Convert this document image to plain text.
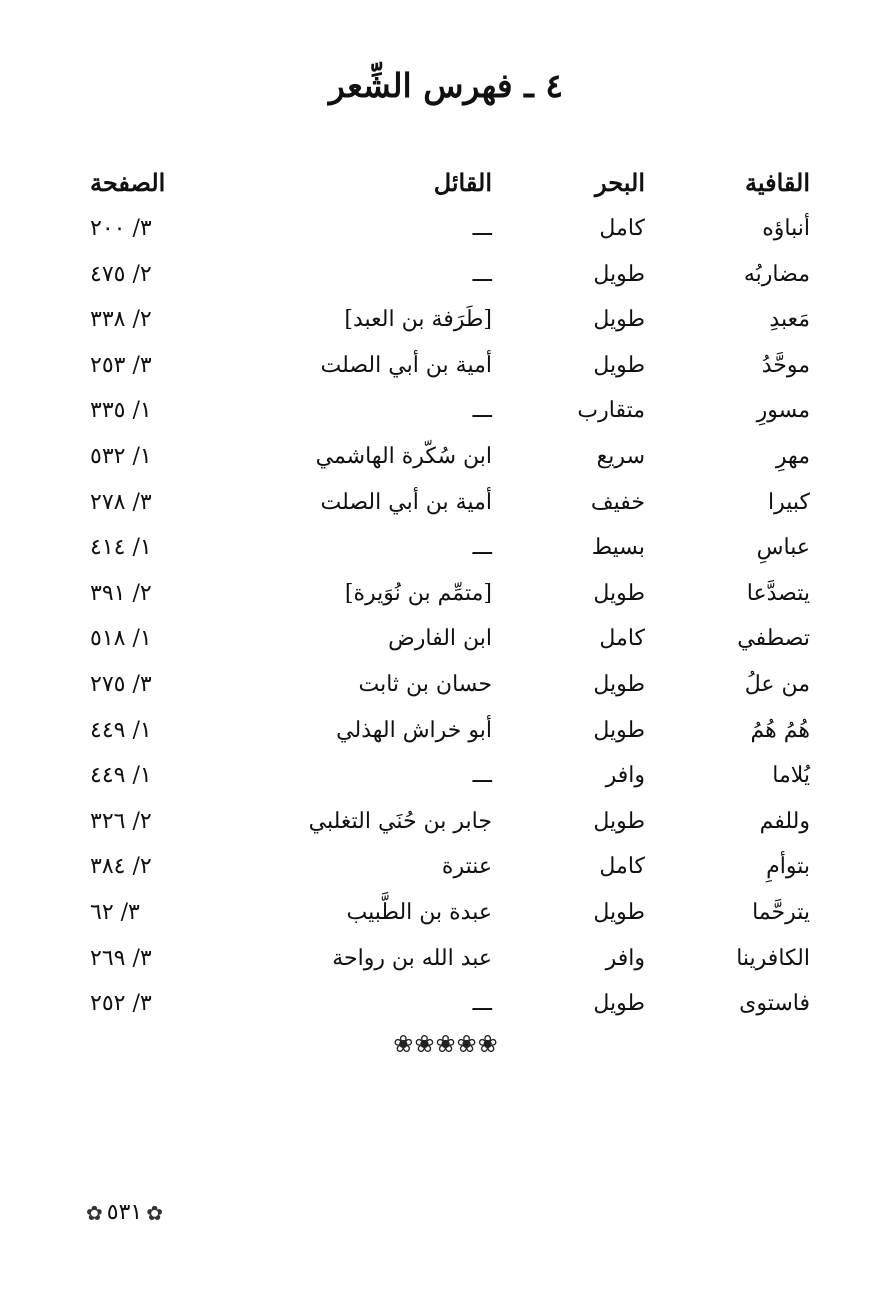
٤ ـ فهرس الشِّعر
القافية
البحر
القائل
الصفحة
أنباؤه
كامل
ـــ
٣/ ٢٠٠
مضاربُه
طويل
ـــ
٢/ ٤٧٥
مَعبدِ
طويل
[طَرَفة بن العبد]
٢/ ٣٣٨
موحَّدُ
طويل
أمية بن أبي الصلت
٣/ ٢٥٣
مسورِ
متقارب
ـــ
١/ ٣٣٥
مهرِ
سريع
ابن سُكّرة الهاشمي
١/ ٥٣٢
كبيرا
خفيف
أمية بن أبي الصلت
٣/ ٢٧٨
عباسِ
بسيط
ـــ
١/ ٤١٤
يتصدَّعا
طويل
[متمِّم بن نُوَيرة]
٢/ ٣٩١
تصطفي
كامل
ابن الفارض
١/ ٥١٨
من علُ
طويل
حسان بن ثابت
٣/ ٢٧٥
هُمُ هُمُ
طويل
أبو خراش الهذلي
١/ ٤٤٩
يُلاما
وافر
ـــ
١/ ٤٤٩
وللفم
طويل
جابر بن حُنَي التغلبي
٢/ ٣٢٦
بتوأمِ
كامل
عنترة
٢/ ٣٨٤
يترحَّما
طويل
عبدة بن الطَّبيب
٣/ ٦٢
الكافرينا
وافر
عبد الله بن رواحة
٣/ ٢٦٩
فاستوى
طويل
ـــ
٣/ ٢٥٢
❀❀❀❀❀
✿ ٥٣١ ✿
